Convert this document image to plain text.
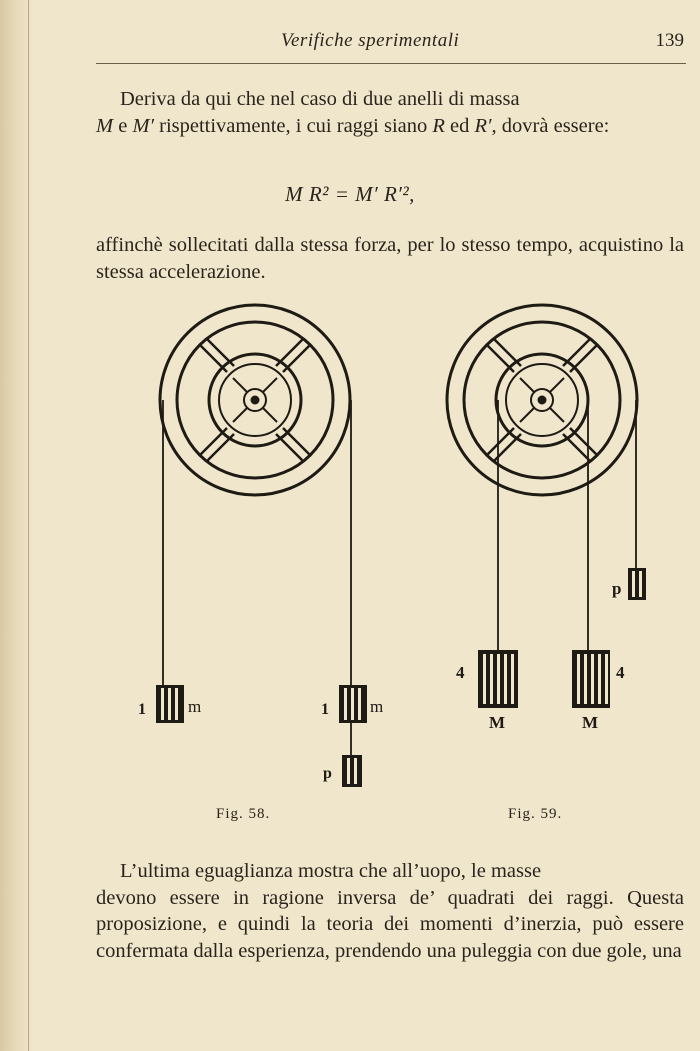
Verifiche sperimentali	139

Deriva da qui che nel caso di due anelli di massa
M e M′ rispettivamente, i cui raggi siano R ed R′, dovrà essere:

M R² = M′ R′²,

affinchè sollecitati dalla stessa forza, per lo stesso tempo, acquistino la stessa accelerazione.

1 m	1 m
p
p
4
M
4
M
Fig. 58.	Fig. 59.

L’ultima eguaglianza mostra che all’uopo, le masse
devono essere in ragione inversa de’ quadrati dei raggi. Questa proposizione, e quindi la teoria dei momenti d’inerzia, può essere confermata dalla esperienza, prendendo una puleggia con due gole, una
